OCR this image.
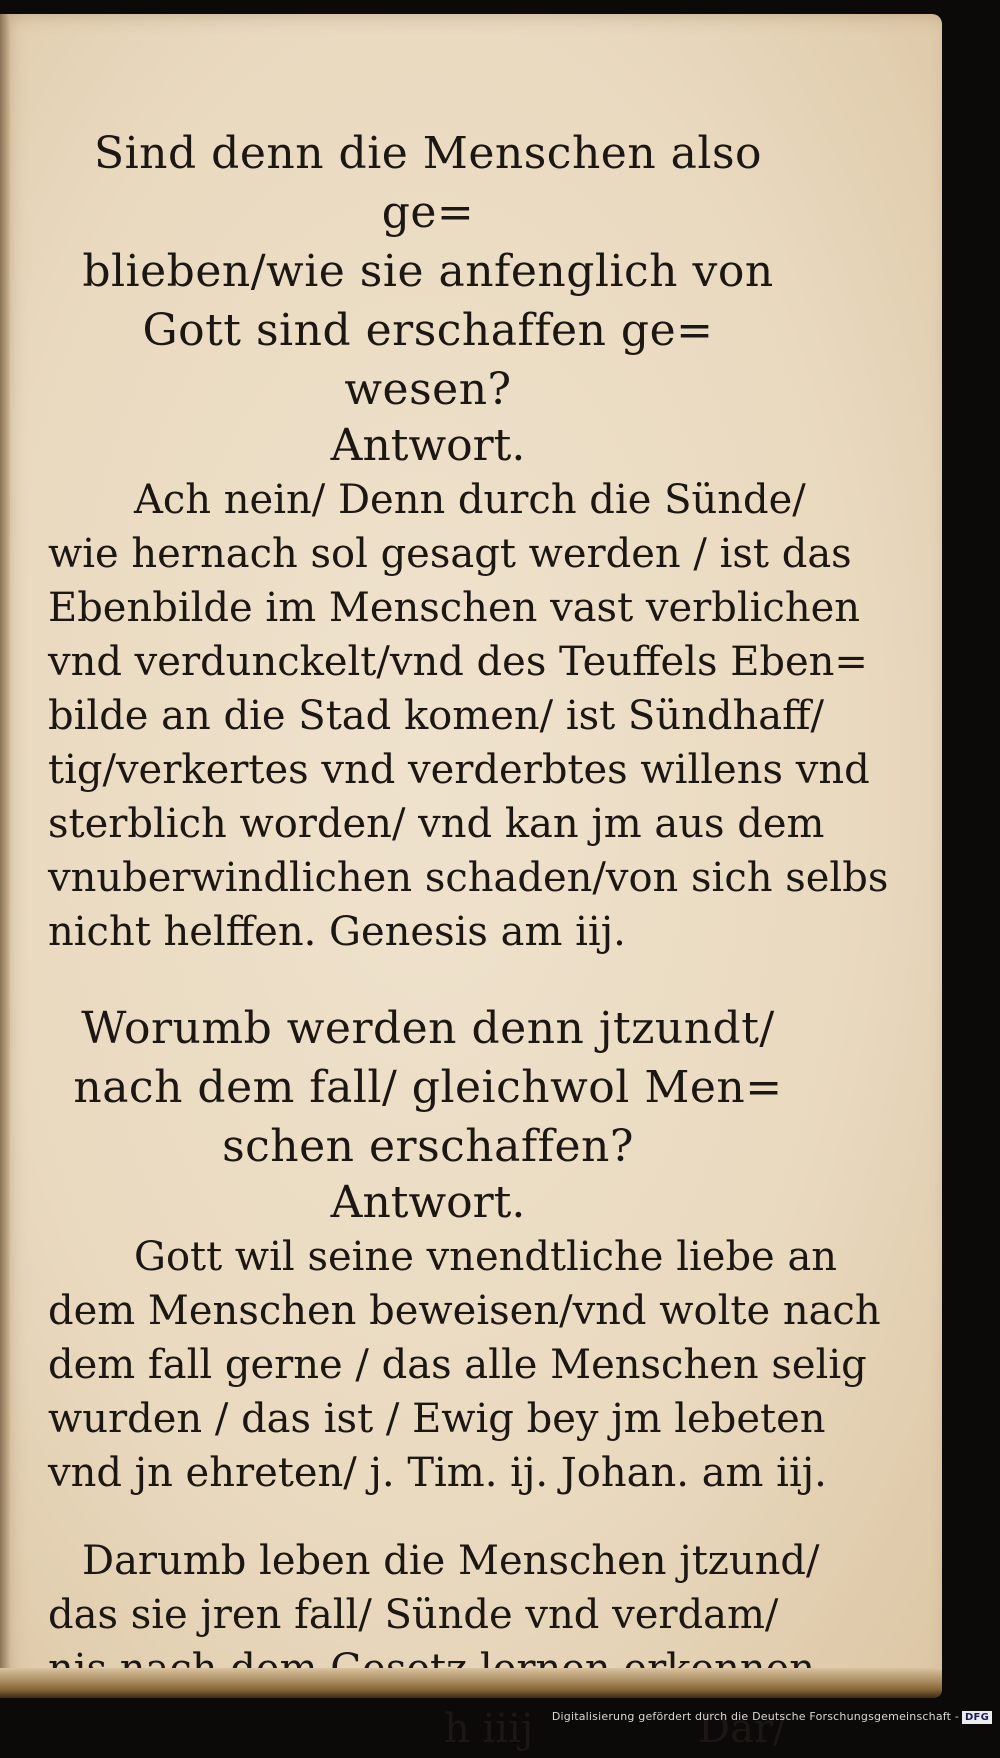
Sind denn die Menschen also ge=
blieben/wie sie anfenglich von
Gott sind erschaffen ge=
wesen?
Antwort.
Ach nein/ Denn durch die Sünde/
wie hernach sol gesagt werden / ist das
Ebenbilde im Menschen vast verblichen
vnd verdunckelt/vnd des Teuffels Eben=
bilde an die Stad komen/ ist Sündhaff/
tig/verkertes vnd verderbtes willens vnd
sterblich worden/ vnd kan jm aus dem
vnuberwindlichen schaden/von sich selbs
nicht helffen. Genesis am iij.
Worumb werden denn jtzundt/
nach dem fall/ gleichwol Men=
schen erschaffen?
Antwort.
Gott wil seine vnendtliche liebe an
dem Menschen beweisen/vnd wolte nach
dem fall gerne / das alle Menschen selig
wurden / das ist / Ewig bey jm lebeten
vnd jn ehreten/ j. Tim. ij. Johan. am iij.
Darumb leben die Menschen jtzund/
das sie jren fall/ Sünde vnd verdam/
h iiij	Dar/
Digitalisierung gefördert durch die Deutsche Forschungsgemeinschaft - DFG
